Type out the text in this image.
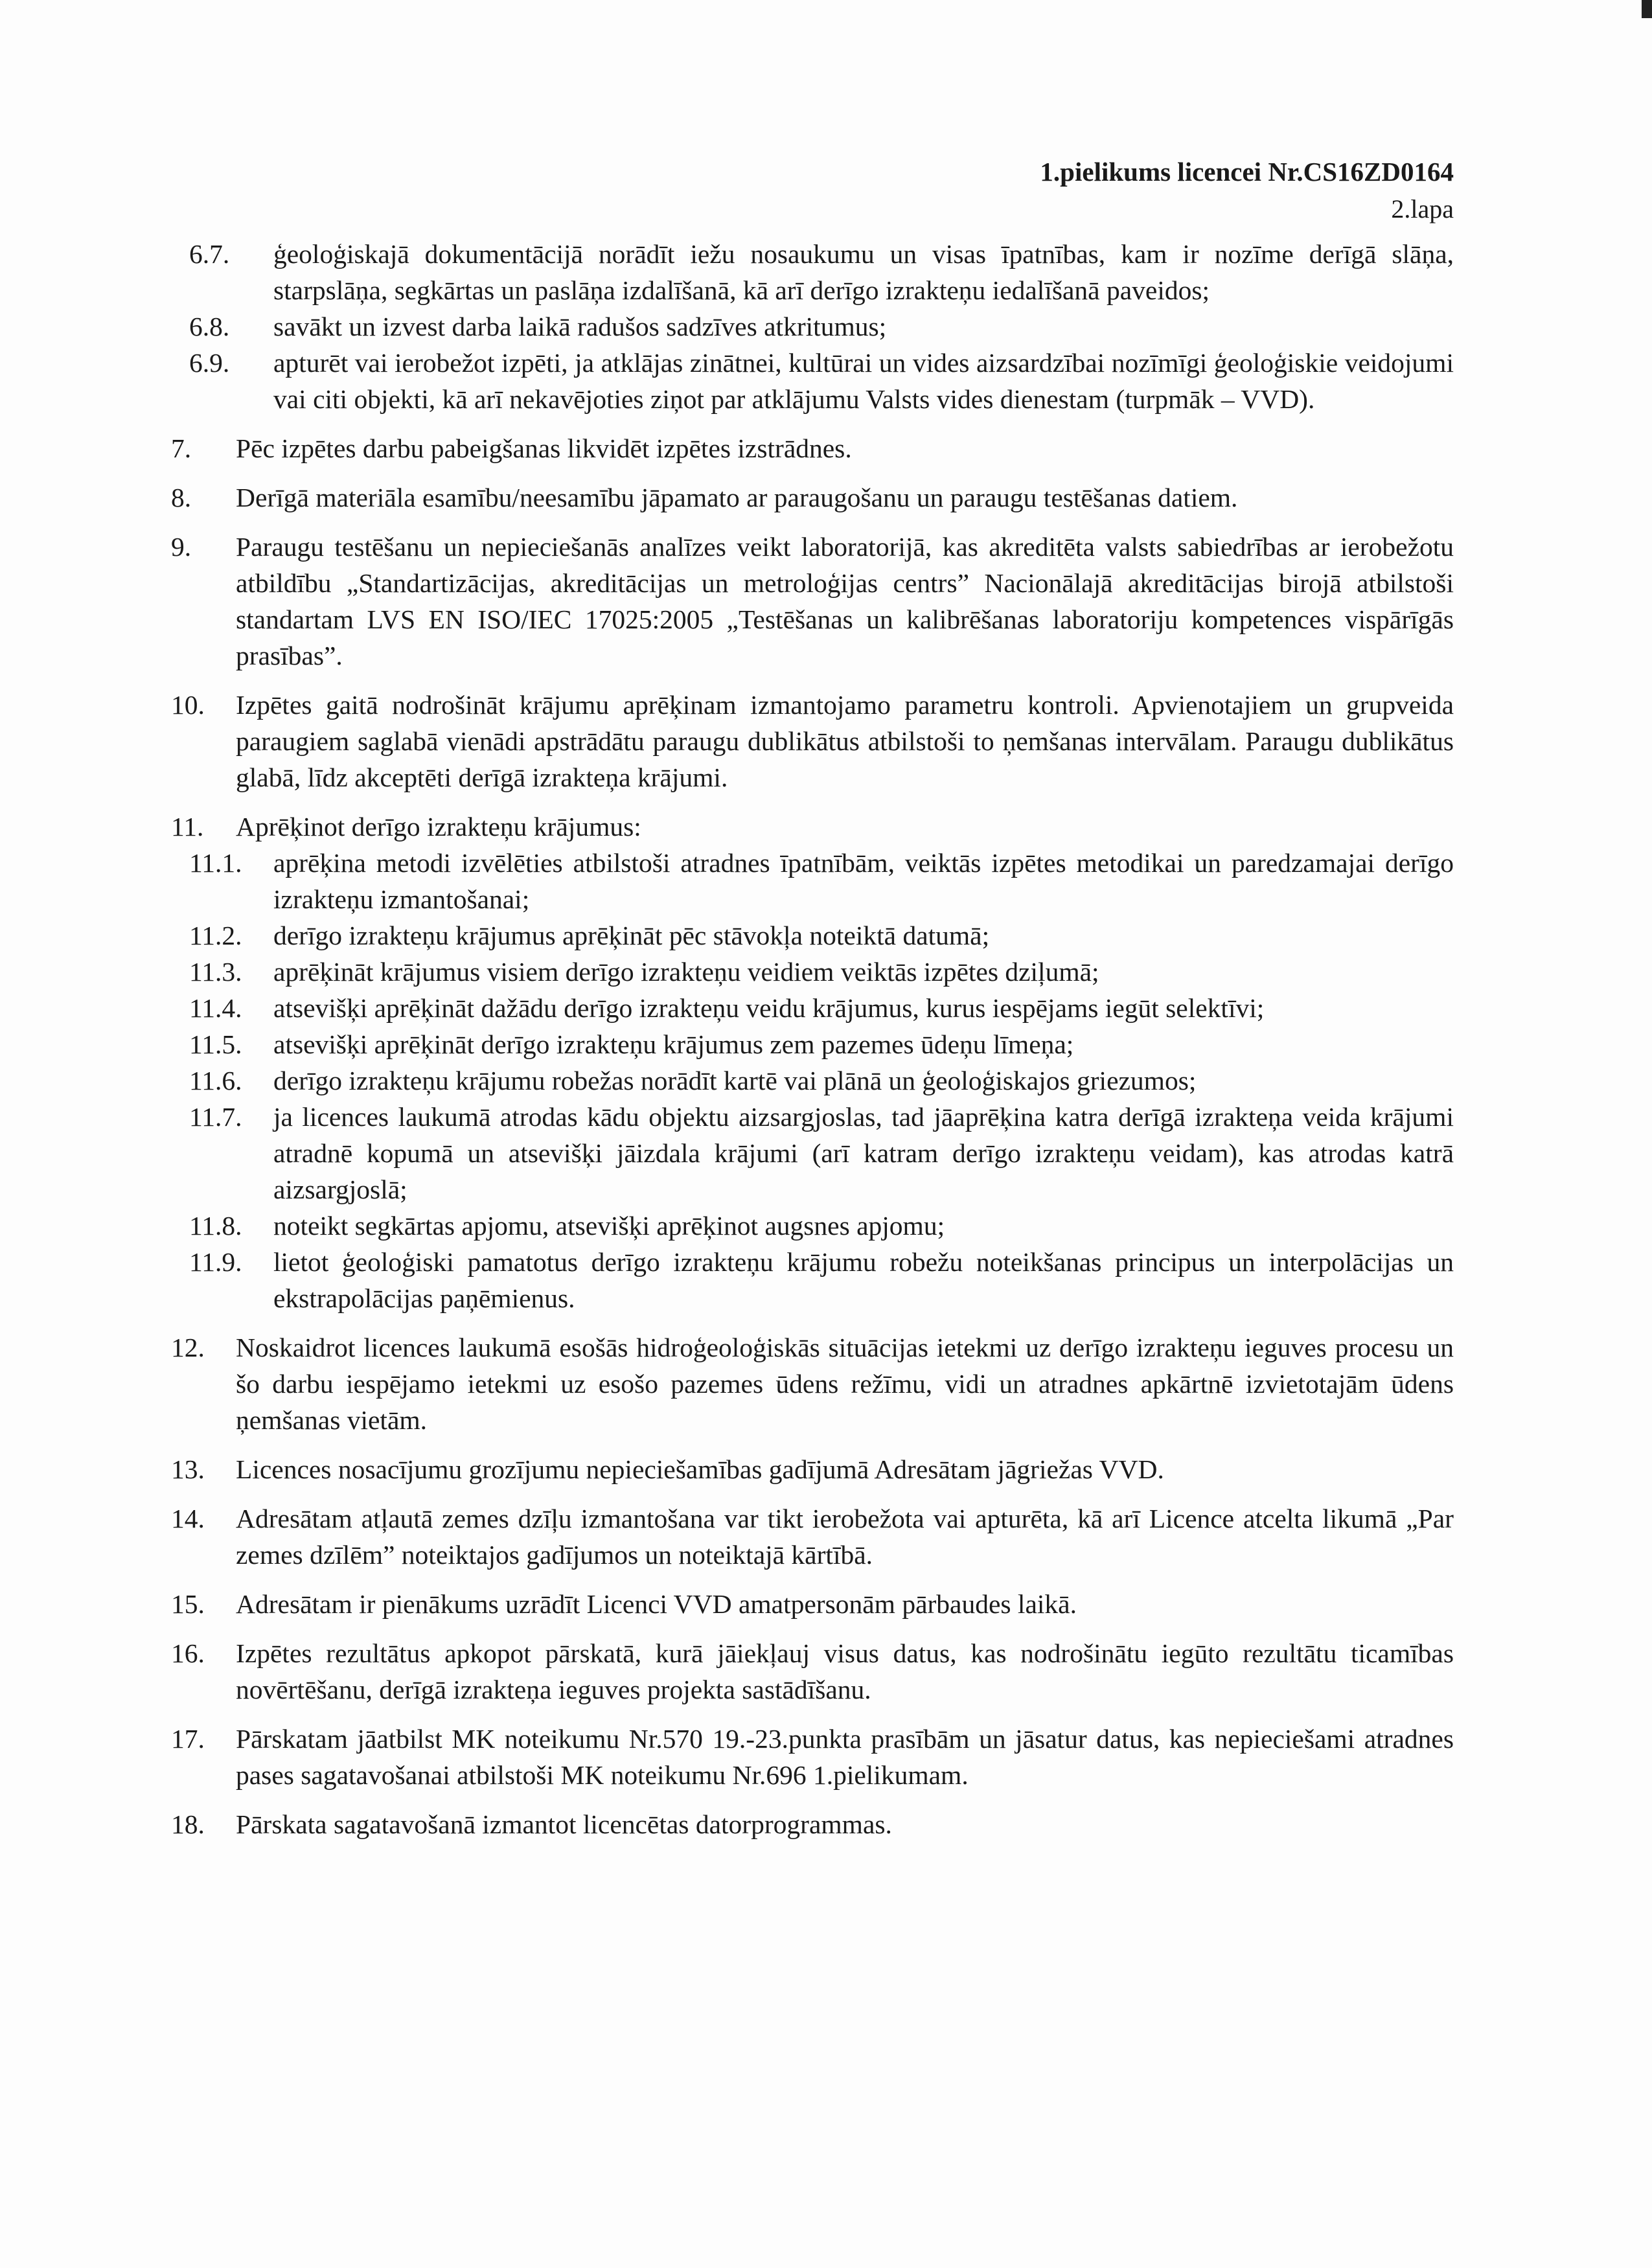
1.pielikums licencei Nr.CS16ZD0164
2.lapa
6.7.	ģeoloģiskajā dokumentācijā norādīt iežu nosaukumu un visas īpatnības, kam ir nozīme derīgā slāņa, starpslāņa, segkārtas un paslāņa izdalīšanā, kā arī derīgo izrakteņu iedalīšanā paveidos;
6.8.	savākt un izvest darba laikā radušos sadzīves atkritumus;
6.9.	apturēt vai ierobežot izpēti, ja atklājas zinātnei, kultūrai un vides aizsardzībai nozīmīgi ģeoloģiskie veidojumi vai citi objekti, kā arī nekavējoties ziņot par atklājumu Valsts vides dienestam (turpmāk – VVD).
7.	Pēc izpētes darbu pabeigšanas likvidēt izpētes izstrādnes.
8.	Derīgā materiāla esamību/neesamību jāpamato ar paraugošanu un paraugu testēšanas datiem.
9.	Paraugu testēšanu un nepieciešanās analīzes veikt laboratorijā, kas akreditēta valsts sabiedrības ar ierobežotu atbildību „Standartizācijas, akreditācijas un metroloģijas centrs” Nacionālajā akreditācijas birojā atbilstoši standartam LVS EN ISO/IEC 17025:2005 „Testēšanas un kalibrēšanas laboratoriju kompetences vispārīgās prasības”.
10.	Izpētes gaitā nodrošināt krājumu aprēķinam izmantojamo parametru kontroli. Apvienotajiem un grupveida paraugiem saglabā vienādi apstrādātu paraugu dublikātus atbilstoši to ņemšanas intervālam. Paraugu dublikātus glabā, līdz akceptēti derīgā izrakteņa krājumi.
11.	Aprēķinot derīgo izrakteņu krājumus:
11.1.	aprēķina metodi izvēlēties atbilstoši atradnes īpatnībām, veiktās izpētes metodikai un paredzamajai derīgo izrakteņu izmantošanai;
11.2.	derīgo izrakteņu krājumus aprēķināt pēc stāvokļa noteiktā datumā;
11.3.	aprēķināt krājumus visiem derīgo izrakteņu veidiem veiktās izpētes dziļumā;
11.4.	atsevišķi aprēķināt dažādu derīgo izrakteņu veidu krājumus, kurus iespējams iegūt selektīvi;
11.5.	atsevišķi aprēķināt derīgo izrakteņu krājumus zem pazemes ūdeņu līmeņa;
11.6.	derīgo izrakteņu krājumu robežas norādīt kartē vai plānā un ģeoloģiskajos griezumos;
11.7.	ja licences laukumā atrodas kādu objektu aizsargjoslas, tad jāaprēķina katra derīgā izrakteņa veida krājumi atradnē kopumā un atsevišķi jāizdala krājumi (arī katram derīgo izrakteņu veidam), kas atrodas katrā aizsargjoslā;
11.8.	noteikt segkārtas apjomu, atsevišķi aprēķinot augsnes apjomu;
11.9.	lietot ģeoloģiski pamatotus derīgo izrakteņu krājumu robežu noteikšanas principus un interpolācijas un ekstrapolācijas paņēmienus.
12.	Noskaidrot licences laukumā esošās hidroģeoloģiskās situācijas ietekmi uz derīgo izrakteņu ieguves procesu un šo darbu iespējamo ietekmi uz esošo pazemes ūdens režīmu, vidi un atradnes apkārtnē izvietotajām ūdens ņemšanas vietām.
13.	Licences nosacījumu grozījumu nepieciešamības gadījumā Adresātam jāgriežas VVD.
14.	Adresātam atļautā zemes dzīļu izmantošana var tikt ierobežota vai apturēta, kā arī Licence atcelta likumā „Par zemes dzīlēm” noteiktajos gadījumos un noteiktajā kārtībā.
15.	Adresātam ir pienākums uzrādīt Licenci VVD amatpersonām pārbaudes laikā.
16.	Izpētes rezultātus apkopot pārskatā, kurā jāiekļauj visus datus, kas nodrošinātu iegūto rezultātu ticamības novērtēšanu, derīgā izrakteņa ieguves projekta sastādīšanu.
17.	Pārskatam jāatbilst MK noteikumu Nr.570 19.-23.punkta prasībām un jāsatur datus, kas nepieciešami atradnes pases sagatavošanai atbilstoši MK noteikumu Nr.696 1.pielikumam.
18.	Pārskata sagatavošanā izmantot licencētas datorprogrammas.
